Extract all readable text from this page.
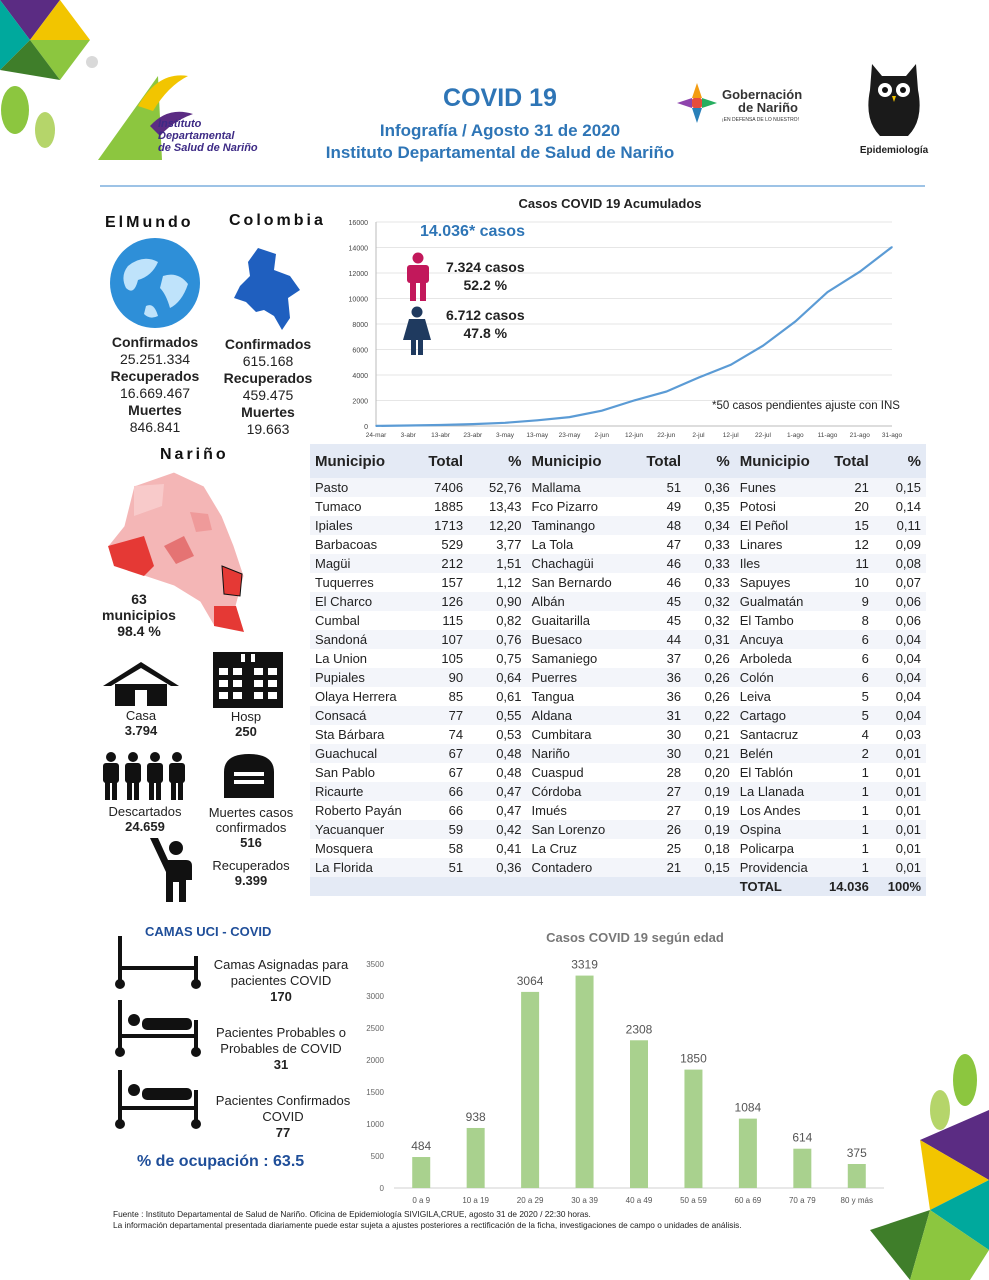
Instituto
Departamental
de Salud de Nariño
COVID 19
Infografía / Agosto 31 de 2020
Instituto Departamental de Salud de Nariño
Gobernación
de Nariño
¡EN DEFENSA DE LO NUESTRO!
Epidemiología
ElMundo Colombia
Confirmados
25.251.334
Recuperados
16.669.467
Muertes
846.841
Confirmados
615.168
Recuperados
459.475
Muertes
19.663
Casos COVID 19 Acumulados
0
2000
4000
6000
8000
10000
12000
14000
16000
24-mar 3-abr 13-abr 23-abr 3-may 13-may 23-may 2-jun 12-jun 22-jun	2-jul	12-jul	22-jul 1-ago 11-ago 21-ago 31-ago
14.036* casos
7.324 casos
52.2 %
6.712 casos
47.8 %
*50 casos pendientes ajuste con INS
Nariño
63
municipios
98.4 %
Casa
3.794
Hosp
250
Descartados
24.659
Muertes casos
confirmados
516
Recuperados
9.399
Municipio	Total	%	Municipio	Total	%	Municipio	Total	%
Pasto	7406	52,76	Mallama	51	0,36	Funes	21	0,15
Tumaco	1885	13,43	Fco Pizarro	49	0,35	Potosi	20	0,14
Ipiales	1713	12,20	Taminango	48	0,34	El Peñol	15	0,11
Barbacoas	529	3,77	La Tola	47	0,33	Linares	12	0,09
Magüi	212	1,51	Chachagüi	46	0,33	Iles	11	0,08
Tuquerres	157	1,12	San Bernardo	46	0,33	Sapuyes	10	0,07
El Charco	126	0,90	Albán	45	0,32	Gualmatán	9	0,06
Cumbal	115	0,82	Guaitarilla	45	0,32	El Tambo	8	0,06
Sandoná	107	0,76	Buesaco	44	0,31	Ancuya	6	0,04
La Union	105	0,75	Samaniego	37	0,26	Arboleda	6	0,04
Pupiales	90	0,64	Puerres	36	0,26	Colón	6	0,04
Olaya Herrera	85	0,61	Tangua	36	0,26	Leiva	5	0,04
Consacá	77	0,55	Aldana	31	0,22	Cartago	5	0,04
Sta Bárbara	74	0,53	Cumbitara	30	0,21	Santacruz	4	0,03
Guachucal	67	0,48	Nariño	30	0,21	Belén	2	0,01
San Pablo	67	0,48	Cuaspud	28	0,20	El Tablón	1	0,01
Ricaurte	66	0,47	Córdoba	27	0,19	La Llanada	1	0,01
Roberto Payán	66	0,47	Imués	27	0,19	Los Andes	1	0,01
Yacuanquer	59	0,42	San Lorenzo	26	0,19	Ospina	1	0,01
Mosquera	58	0,41	La Cruz	25	0,18	Policarpa	1	0,01
La Florida	51	0,36	Contadero	21	0,15	Providencia	1	0,01
						TOTAL	14.036	100%
CAMAS UCI - COVID
Camas Asignadas para
pacientes COVID
170
Pacientes Probables o
Probables de COVID
31
Pacientes Confirmados
COVID
77
% de ocupación : 63.5
Casos COVID 19 según edad
0
500
1000
1500
2000
2500
3000
3500
484
0 a 9
938
10 a 19
3064
20 a 29
3319
30 a 39
2308
40 a 49
1850
50 a 59
1084
60 a 69
614
70 a 79
375
80 y más
Fuente : Instituto Departamental de Salud de Nariño. Oficina de Epidemiología SIVIGILA,CRUE, agosto 31 de 2020 / 22:30 horas.
La información departamental presentada diariamente puede estar sujeta a ajustes posteriores a rectificación de la ficha, investigaciones de campo o unidades de análisis.
